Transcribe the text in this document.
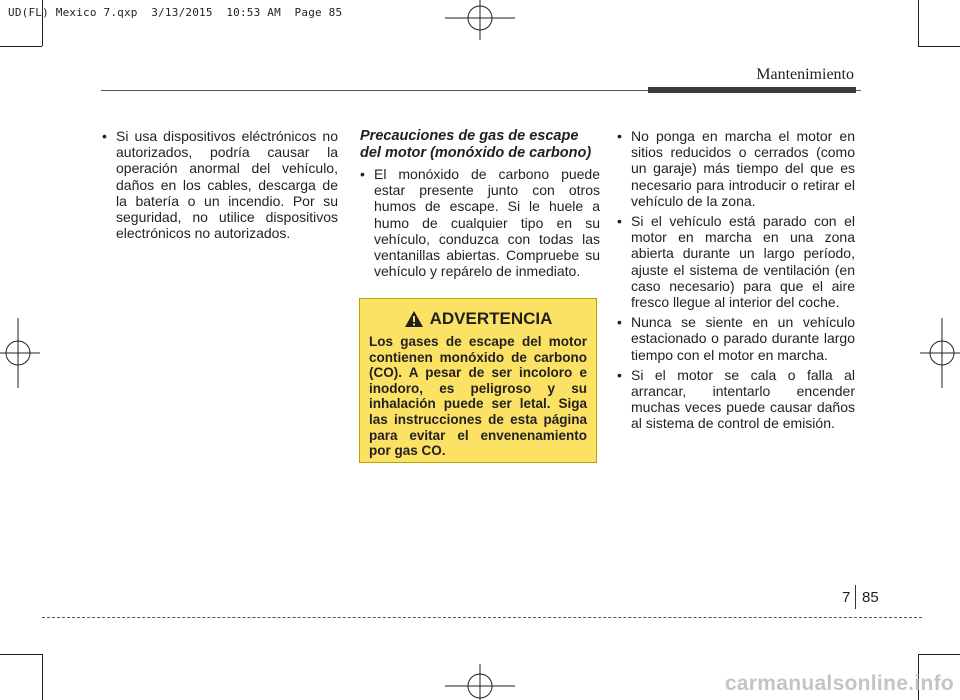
UD(FL) Mexico 7.qxp  3/13/2015  10:53 AM  Page 85
Mantenimiento
• Si usa dispositivos eléctrónicos no autorizados, podría causar la operación anormal del vehículo, daños en los cables, descarga de la batería o un incendio. Por su seguridad, no utilice dispositivos electrónicos no autorizados.

Precauciones de gas de escape del motor (monóxido de carbono)

• El monóxido de carbono puede estar presente junto con otros humos de escape. Si le huele a humo de cualquier tipo en su vehículo, conduzca con todas las ventanillas abiertas. Compruebe su vehículo y repárelo de inmediato.
ADVERTENCIA
Los gases de escape del motor contienen monóxido de carbono (CO). A pesar de ser incoloro e inodoro, es peligroso y su inhalación puede ser letal. Siga las instrucciones de esta página para evitar el envenenamiento por gas CO.
• No ponga en marcha el motor en sitios reducidos o cerrados (como un garaje) más tiempo del que es necesario para introducir o retirar el vehículo de la zona.
• Si el vehículo está parado con el motor en marcha en una zona abierta durante un largo período, ajuste el sistema de ventilación (en caso necesario) para que el aire fresco llegue al interior del coche.
• Nunca se siente en un vehículo estacionado o parado durante largo tiempo con el motor en marcha.
• Si el motor se cala o falla al arrancar, intentarlo encender muchas veces puede causar daños al sistema de control de emisión.
7 85
carmanualsonline.info
